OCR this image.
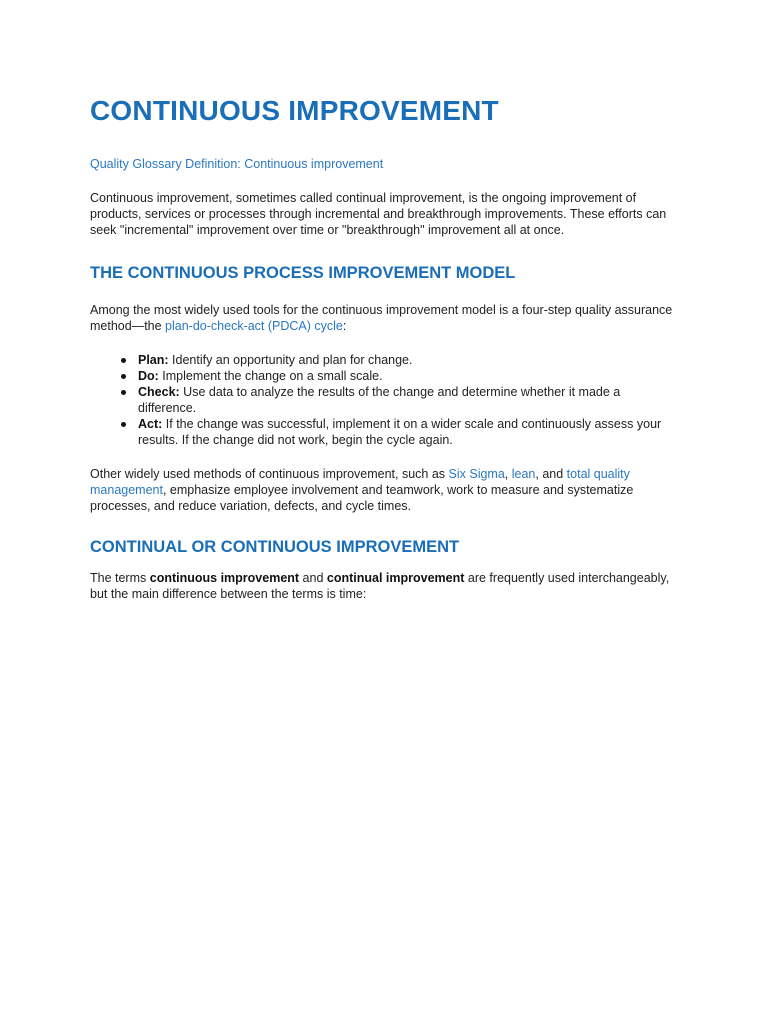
CONTINUOUS IMPROVEMENT
Quality Glossary Definition: Continuous improvement

Continuous improvement, sometimes called continual improvement, is the ongoing improvement of products, services or processes through incremental and breakthrough improvements. These efforts can seek "incremental" improvement over time or "breakthrough" improvement all at once.

THE CONTINUOUS PROCESS IMPROVEMENT MODEL

Among the most widely used tools for the continuous improvement model is a four-step quality assurance method—the plan-do-check-act (PDCA) cycle:

Plan: Identify an opportunity and plan for change.
Do: Implement the change on a small scale.
Check: Use data to analyze the results of the change and determine whether it made a difference.
Act: If the change was successful, implement it on a wider scale and continuously assess your results. If the change did not work, begin the cycle again.

Other widely used methods of continuous improvement, such as Six Sigma, lean, and total quality management, emphasize employee involvement and teamwork, work to measure and systematize processes, and reduce variation, defects, and cycle times.

CONTINUAL OR CONTINUOUS IMPROVEMENT

The terms continuous improvement and continual improvement are frequently used interchangeably, but the main difference between the terms is time:
